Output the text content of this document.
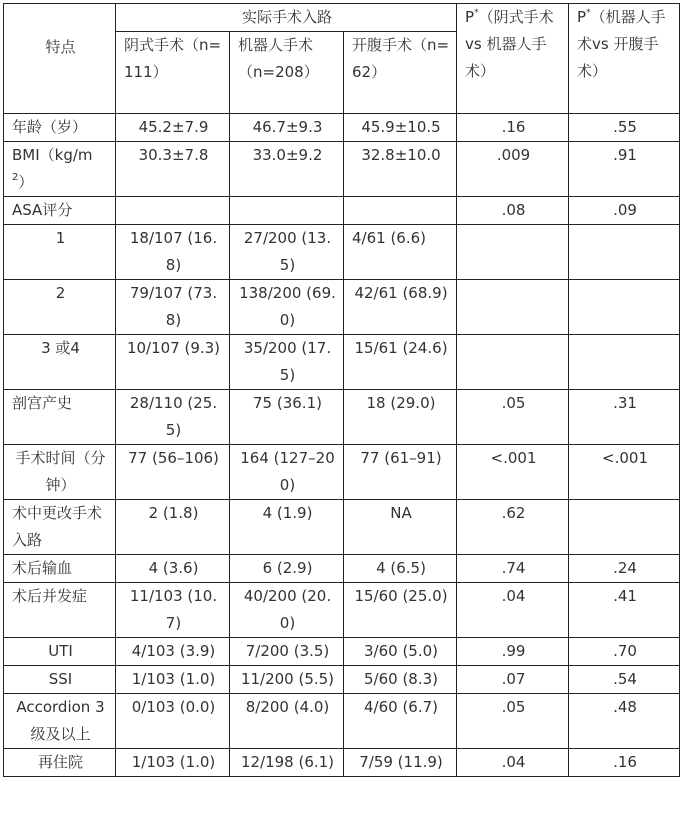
特点	实际手术入路			P*（阴式手术 vs 机器人手术）	P*（机器人手术vs 开腹手术）
	阴式手术（n=111）	机器人手术（n=208）	开腹手术（n=62）		
年龄（岁）	45.2±7.9	46.7±9.3	45.9±10.5	.16	.55
$BMI(kg/m^2)$	30.3±7.8	33.0±9.2	32.8±10.0	.009	.91
ASA评分				.08	.09
1	18/107 (16.8)	27/200 (13.5)	4/61 (6.6)		
2	79/107 (73.8)	138/200 (69.0)	42/61 (68.9)		
3 或4	10/107 (9.3)	35/200 (17.5)	15/61 (24.6)		
剖宫产史	28/110 (25.5)	75 (36.1)	18 (29.0)	.05	.31
手术时间（分钟）	77 (56–106)	164 (127–200)	77 (61–91)	<.001	<.001
术中更改手术入路	2 (1.8)	4 (1.9)	NA	.62	
术后输血	4 (3.6)	6 (2.9)	4 (6.5)	.74	.24
术后并发症	11/103 (10.7)	40/200 (20.0)	15/60 (25.0)	.04	.41
UTI	4/103 (3.9)	7/200 (3.5)	3/60 (5.0)	.99	.70
SSI	1/103 (1.0)	11/200 (5.5)	5/60 (8.3)	.07	.54
Accordion 3级及以上	0/103 (0.0)	8/200 (4.0)	4/60 (6.7)	.05	.48
再住院	1/103 (1.0)	12/198 (6.1)	7/59 (11.9)	.04	.16
